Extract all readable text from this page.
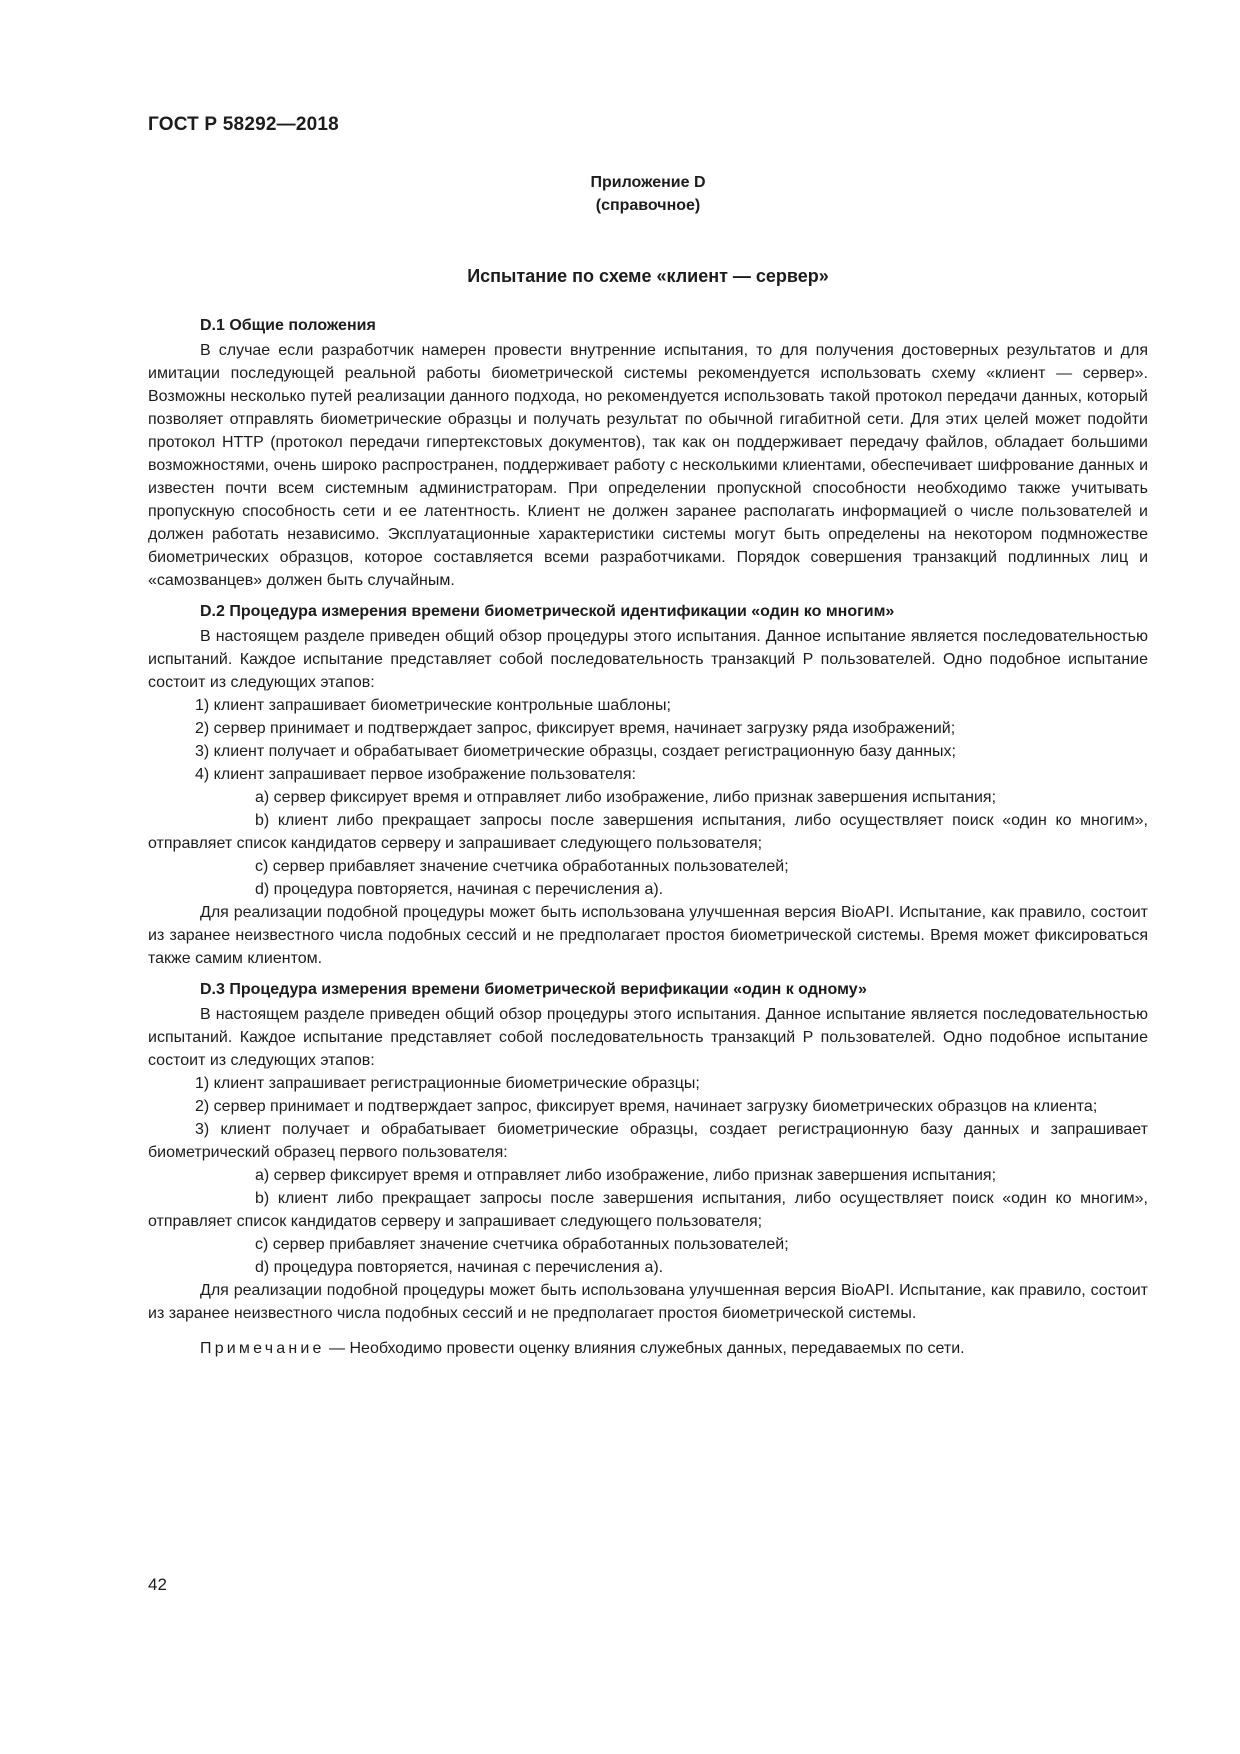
ГОСТ Р 58292—2018
Приложение D
(справочное)
Испытание по схеме «клиент — сервер»
D.1 Общие положения

В случае если разработчик намерен провести внутренние испытания, то для получения достоверных результатов и для имитации последующей реальной работы биометрической системы рекомендуется использовать схему «клиент — сервер». Возможны несколько путей реализации данного подхода, но рекомендуется использовать такой протокол передачи данных, который позволяет отправлять биометрические образцы и получать результат по обычной гигабитной сети. Для этих целей может подойти протокол HTTP (протокол передачи гипертекстовых документов), так как он поддерживает передачу файлов, обладает большими возможностями, очень широко распространен, поддерживает работу с несколькими клиентами, обеспечивает шифрование данных и известен почти всем системным администраторам. При определении пропускной способности необходимо также учитывать пропускную способность сети и ее латентность. Клиент не должен заранее располагать информацией о числе пользователей и должен работать независимо. Эксплуатационные характеристики системы могут быть определены на некотором подмножестве биометрических образцов, которое составляется всеми разработчиками. Порядок совершения транзакций подлинных лиц и «самозванцев» должен быть случайным.

D.2 Процедура измерения времени биометрической идентификации «один ко многим»

В настоящем разделе приведен общий обзор процедуры этого испытания. Данное испытание является последовательностью испытаний. Каждое испытание представляет собой последовательность транзакций Р пользователей. Одно подобное испытание состоит из следующих этапов:

1) клиент запрашивает биометрические контрольные шаблоны;

2) сервер принимает и подтверждает запрос, фиксирует время, начинает загрузку ряда изображений;

3) клиент получает и обрабатывает биометрические образцы, создает регистрационную базу данных;

4) клиент запрашивает первое изображение пользователя:

a) сервер фиксирует время и отправляет либо изображение, либо признак завершения испытания;

b) клиент либо прекращает запросы после завершения испытания, либо осуществляет поиск «один ко многим», отправляет список кандидатов серверу и запрашивает следующего пользователя;

c) сервер прибавляет значение счетчика обработанных пользователей;

d) процедура повторяется, начиная с перечисления a).

Для реализации подобной процедуры может быть использована улучшенная версия BioAPI. Испытание, как правило, состоит из заранее неизвестного числа подобных сессий и не предполагает простоя биометрической системы. Время может фиксироваться также самим клиентом.

D.3 Процедура измерения времени биометрической верификации «один к одному»

В настоящем разделе приведен общий обзор процедуры этого испытания. Данное испытание является последовательностью испытаний. Каждое испытание представляет собой последовательность транзакций Р пользователей. Одно подобное испытание состоит из следующих этапов:

1) клиент запрашивает регистрационные биометрические образцы;

2) сервер принимает и подтверждает запрос, фиксирует время, начинает загрузку биометрических образцов на клиента;

3) клиент получает и обрабатывает биометрические образцы, создает регистрационную базу данных и запрашивает биометрический образец первого пользователя:

a) сервер фиксирует время и отправляет либо изображение, либо признак завершения испытания;

b) клиент либо прекращает запросы после завершения испытания, либо осуществляет поиск «один ко многим», отправляет список кандидатов серверу и запрашивает следующего пользователя;

c) сервер прибавляет значение счетчика обработанных пользователей;

d) процедура повторяется, начиная с перечисления a).

Для реализации подобной процедуры может быть использована улучшенная версия BioAPI. Испытание, как правило, состоит из заранее неизвестного числа подобных сессий и не предполагает простоя биометрической системы.

Примечание — Необходимо провести оценку влияния служебных данных, передаваемых по сети.

42
